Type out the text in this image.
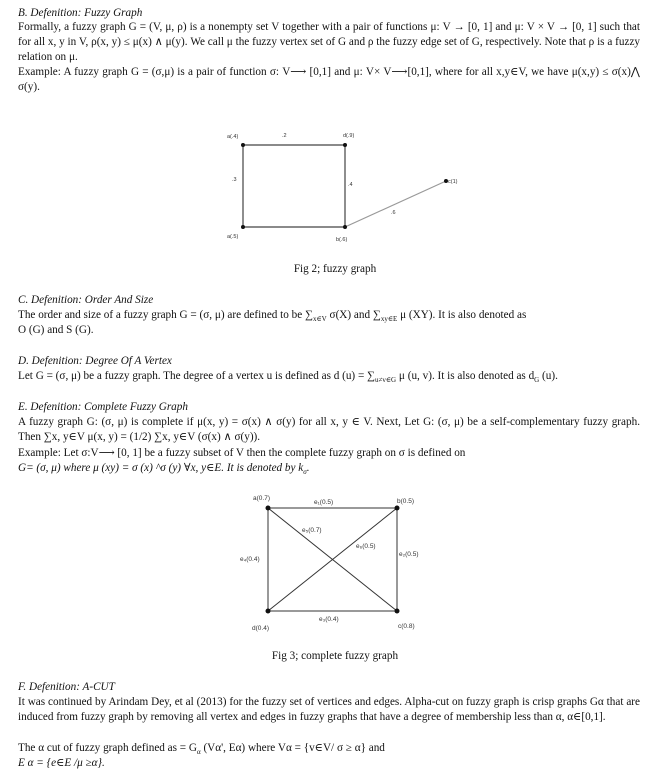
B. Defenition: Fuzzy Graph
Formally, a fuzzy graph G = (V, μ, ρ) is a nonempty set V together with a pair of functions μ: V → [0, 1] and μ: V × V → [0, 1] such that for all x, y in V, ρ(x, y) ≤ μ(x) ∧ μ(y). We call μ the fuzzy vertex set of G and ρ the fuzzy edge set of G, respectively. Note that ρ is a fuzzy relation on μ.
Example: A fuzzy graph G = (σ,μ) is a pair of function σ: V⟶ [0,1] and μ: V× V⟶[0,1], where for all x,y∈V, we have μ(x,y) ≤ σ(x)⋀ σ(y).
a(.4)	d(.9)
a(.5)	b(.6)
c(1)
.2
.3
.4
.6
a(0.7)	b(0.5)
d(0.4)	c(0.8)
e₁(0.5)
e₅(0.7)
e₆(0.5)
e₄(0.4)
e₂(0.5)
e₃(0.4)
Fig 2; fuzzy graph
C. Defenition: Order And Size
The order and size of a fuzzy graph G = (σ, μ) are defined to be $\sum_{x\in V}$ σ(X) and $\sum_{xy\in E}$ μ (XY). It is also denoted as
O (G) and S (G).
D. Defenition: Degree Of A Vertex
Let G = (σ, μ) be a fuzzy graph. The degree of a vertex u is defined as d $(u) = \sum_{u\ne v\in G}$ μ (u, v). It is also denoted as $d_G$ (u).
E. Defenition: Complete Fuzzy Graph
A fuzzy graph G: (σ, μ) is complete if μ(x, y) = σ(x) ∧ σ(y) for all x, y ∈ V. Next, Let G: (σ, μ) be a self-complementary fuzzy graph. Then ∑x, y∈V μ(x, y) = (1/2) ∑x, y∈V (σ(x) ∧ σ(y)).
Example: Let σ:V⟶ [0, 1] be a fuzzy subset of V then the complete fuzzy graph on σ is defined on
G= (σ, μ) where μ (xy) = σ (x) ^σ (y) ∀x, y∈E. It is denoted by $k_\sigma$.
Fig 3; complete fuzzy graph
F. Defenition: A-CUT
It was continued by Arindam Dey, et al (2013) for the fuzzy set of vertices and edges. Alpha-cut on fuzzy graph is crisp graphs Gα that are induced from fuzzy graph by removing all vertex and edges in fuzzy graphs that have a degree of membership less than α, α∈[0,1].
The α cut of fuzzy graph defined as = $G_\alpha$ (Vα', Eα) where Vα = {v∈V/ σ ≥ α} and
E α = {e∈E /μ ≥α}.
